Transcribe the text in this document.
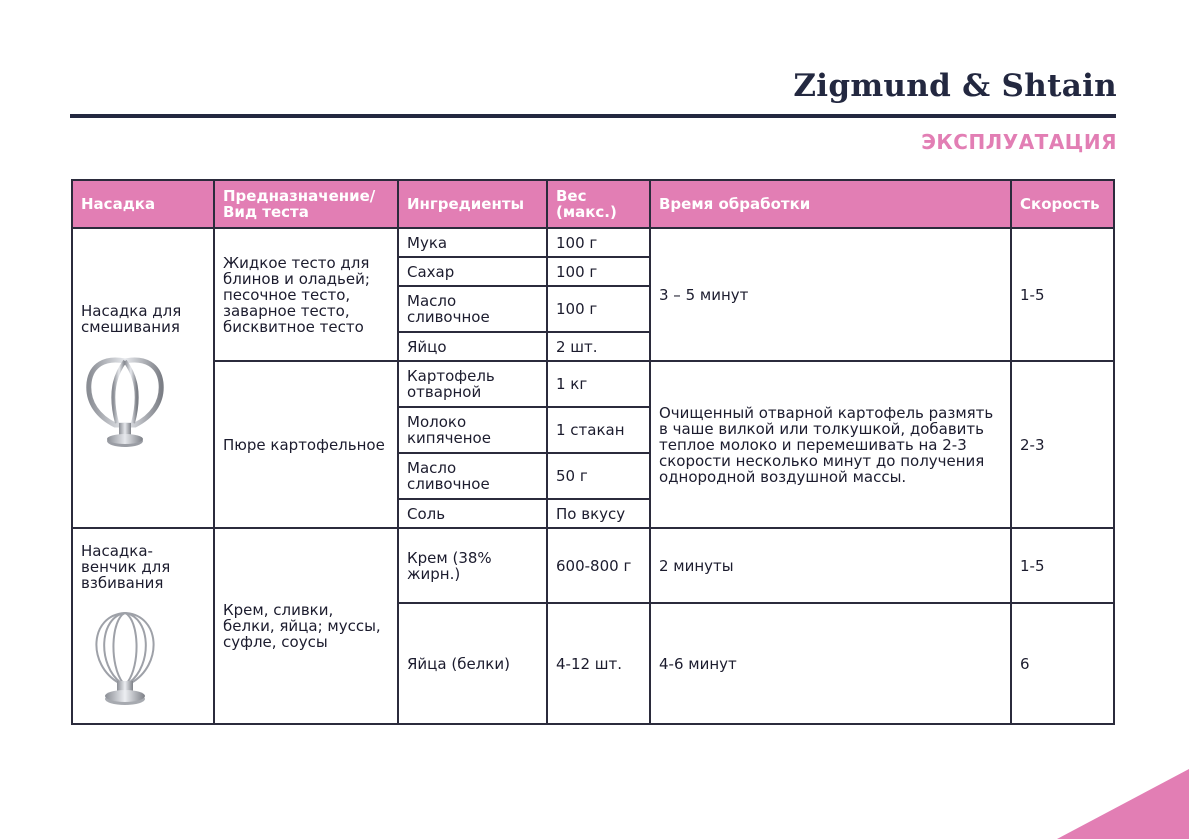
Zigmund & Shtain
ЭКСПЛУАТАЦИЯ
Насадка	Предназначение/ Вид теста	Ингредиенты	Вес (макс.)	Время обработки	Скорость

Насадка для смешивания	Жидкое тесто для блинов и оладьей; песочное тесто, заварное тесто, бисквитное тесто	Мука	100 г	3 – 5 минут	1-5
		Сахар	100 г		
		Масло сливочное	100 г		
		Яйцо	2 шт.		
	Пюре картофельное	Картофель отварной	1 кг	Очищенный отварной картофель размять в чаше вилкой или толкушкой, добавить теплое молоко и перемешивать на 2-3 скорости несколько минут до получения однородной воздушной массы.	2-3
		Молоко кипяченое	1 стакан		
		Масло сливочное	50 г		
		Соль	По вкусу		

Насадка-венчик для взбивания	Крем, сливки, белки, яйца; муссы, суфле, соусы	Крем (38% жирн.)	600-800 г	2 минуты	1-5
		Яйца (белки)	4-12 шт.	4-6 минут	6
